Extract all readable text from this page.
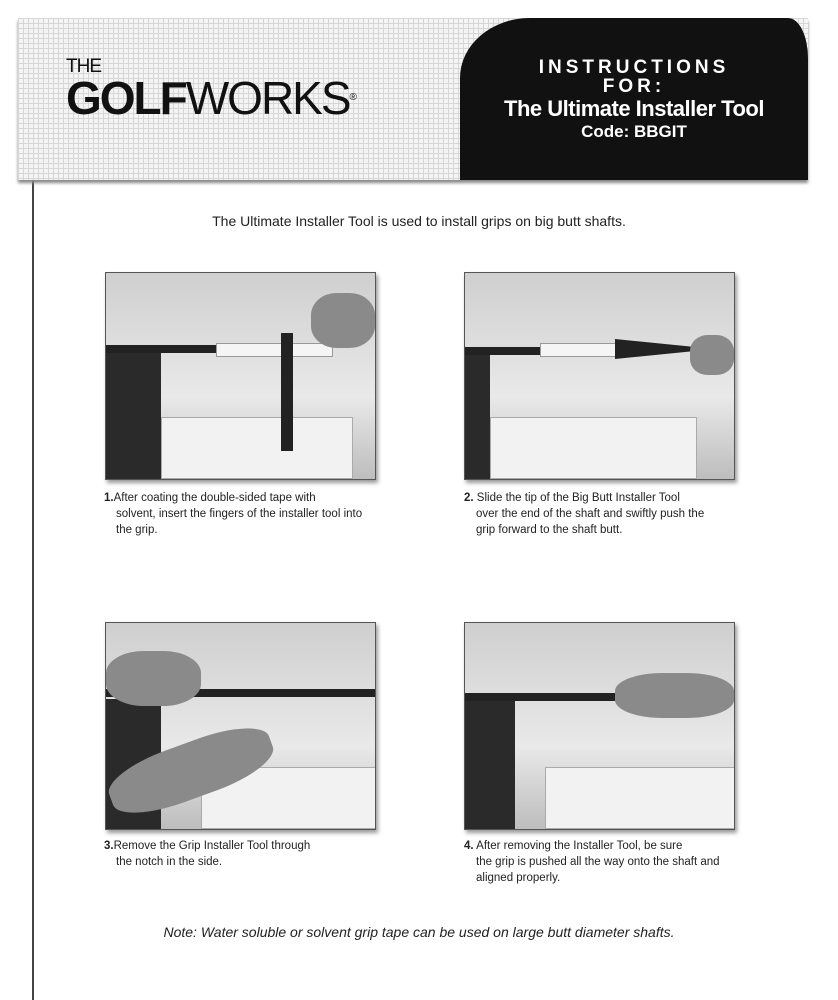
THE
GOLFWORKS®
INSTRUCTIONS
FOR:
The Ultimate Installer Tool
Code: BBGIT
The Ultimate Installer Tool is used to install grips on big butt shafts.
1.After coating the double-sided tape with
solvent, insert the fingers of the installer tool into the grip.
2. Slide the tip of the Big Butt Installer Tool
over the end of the shaft and swiftly push the grip forward to the shaft butt.
3.Remove the Grip Installer Tool through
the notch in the side.
4. After removing the Installer Tool, be sure
the grip is pushed all the way onto the shaft and aligned properly.
Note: Water soluble or solvent grip tape can be used on large butt diameter shafts.
